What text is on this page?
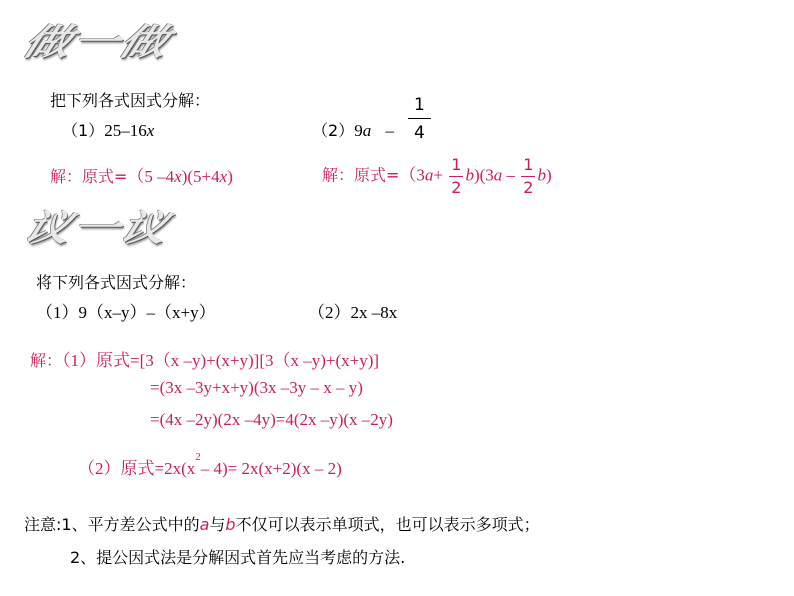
做一做
议一议
把下列各式因式分解：
（1）25–16x	$(2)9a - \frac{1}{4}$
解：原式=（5 –4x)(5+4x)	解：原式$=(3a+ \frac{1}{2} b)(3a - \frac{1}{2} b)$
将下列各式因式分解：
（1）9（x–y）–（x+y）	（2）2x –8x
解：（1）原式=[3（x –y)+(x+y)][3（x –y)+(x+y)]
=(3x –3y+x+y)(3x –3y – x – y)
=(4x –2y)(2x –4y)=4(2x –y)(x –2y)
（2）原式$=2x(x^2-$ 4)= 2x(x+2)(x – 2)
注意:1、平方差公式中的a与b不仅可以表示单项式，也可以表示多项式；
2、提公因式法是分解因式首先应当考虑的方法.
